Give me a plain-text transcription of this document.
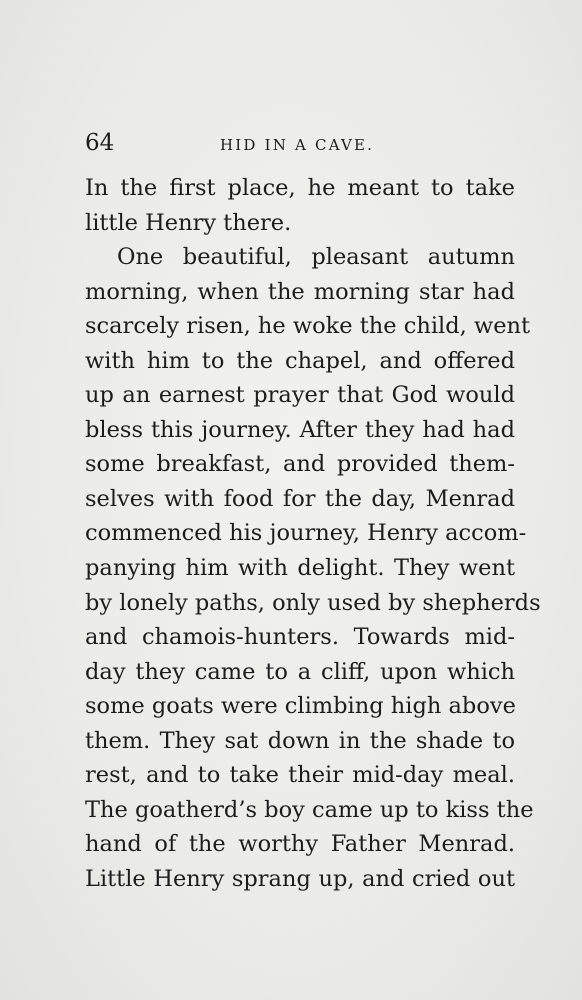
64	HID IN A CAVE.
In the first place, he meant to take
little Henry there.
One beautiful, pleasant autumn
morning, when the morning star had
scarcely risen, he woke the child, went
with him to the chapel, and offered
up an earnest prayer that God would
bless this journey. After they had had
some breakfast, and provided them-
selves with food for the day, Menrad
commenced his journey, Henry accom-
panying him with delight. They went
by lonely paths, only used by shepherds
and chamois-hunters. Towards mid-
day they came to a cliff, upon which
some goats were climbing high above
them. They sat down in the shade to
rest, and to take their mid-day meal.
The goatherd’s boy came up to kiss the
hand of the worthy Father Menrad.
Little Henry sprang up, and cried out
